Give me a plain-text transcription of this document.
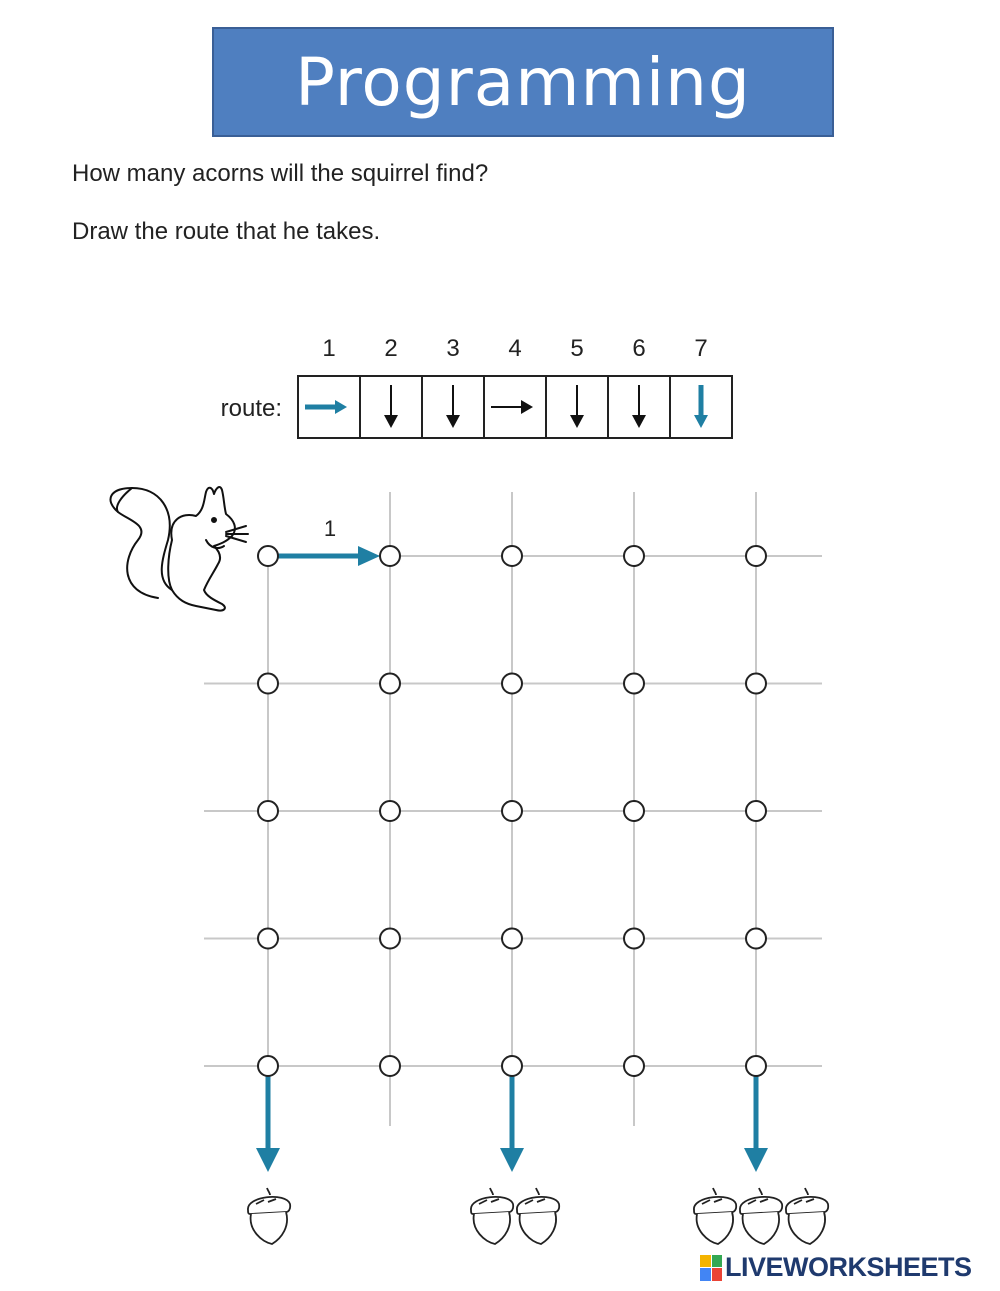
Programming
How many acorns will the squirrel find?
Draw the route that he takes.
route:
1 2 3 4 5 6 7
1
LIVEWORKSHEETS
